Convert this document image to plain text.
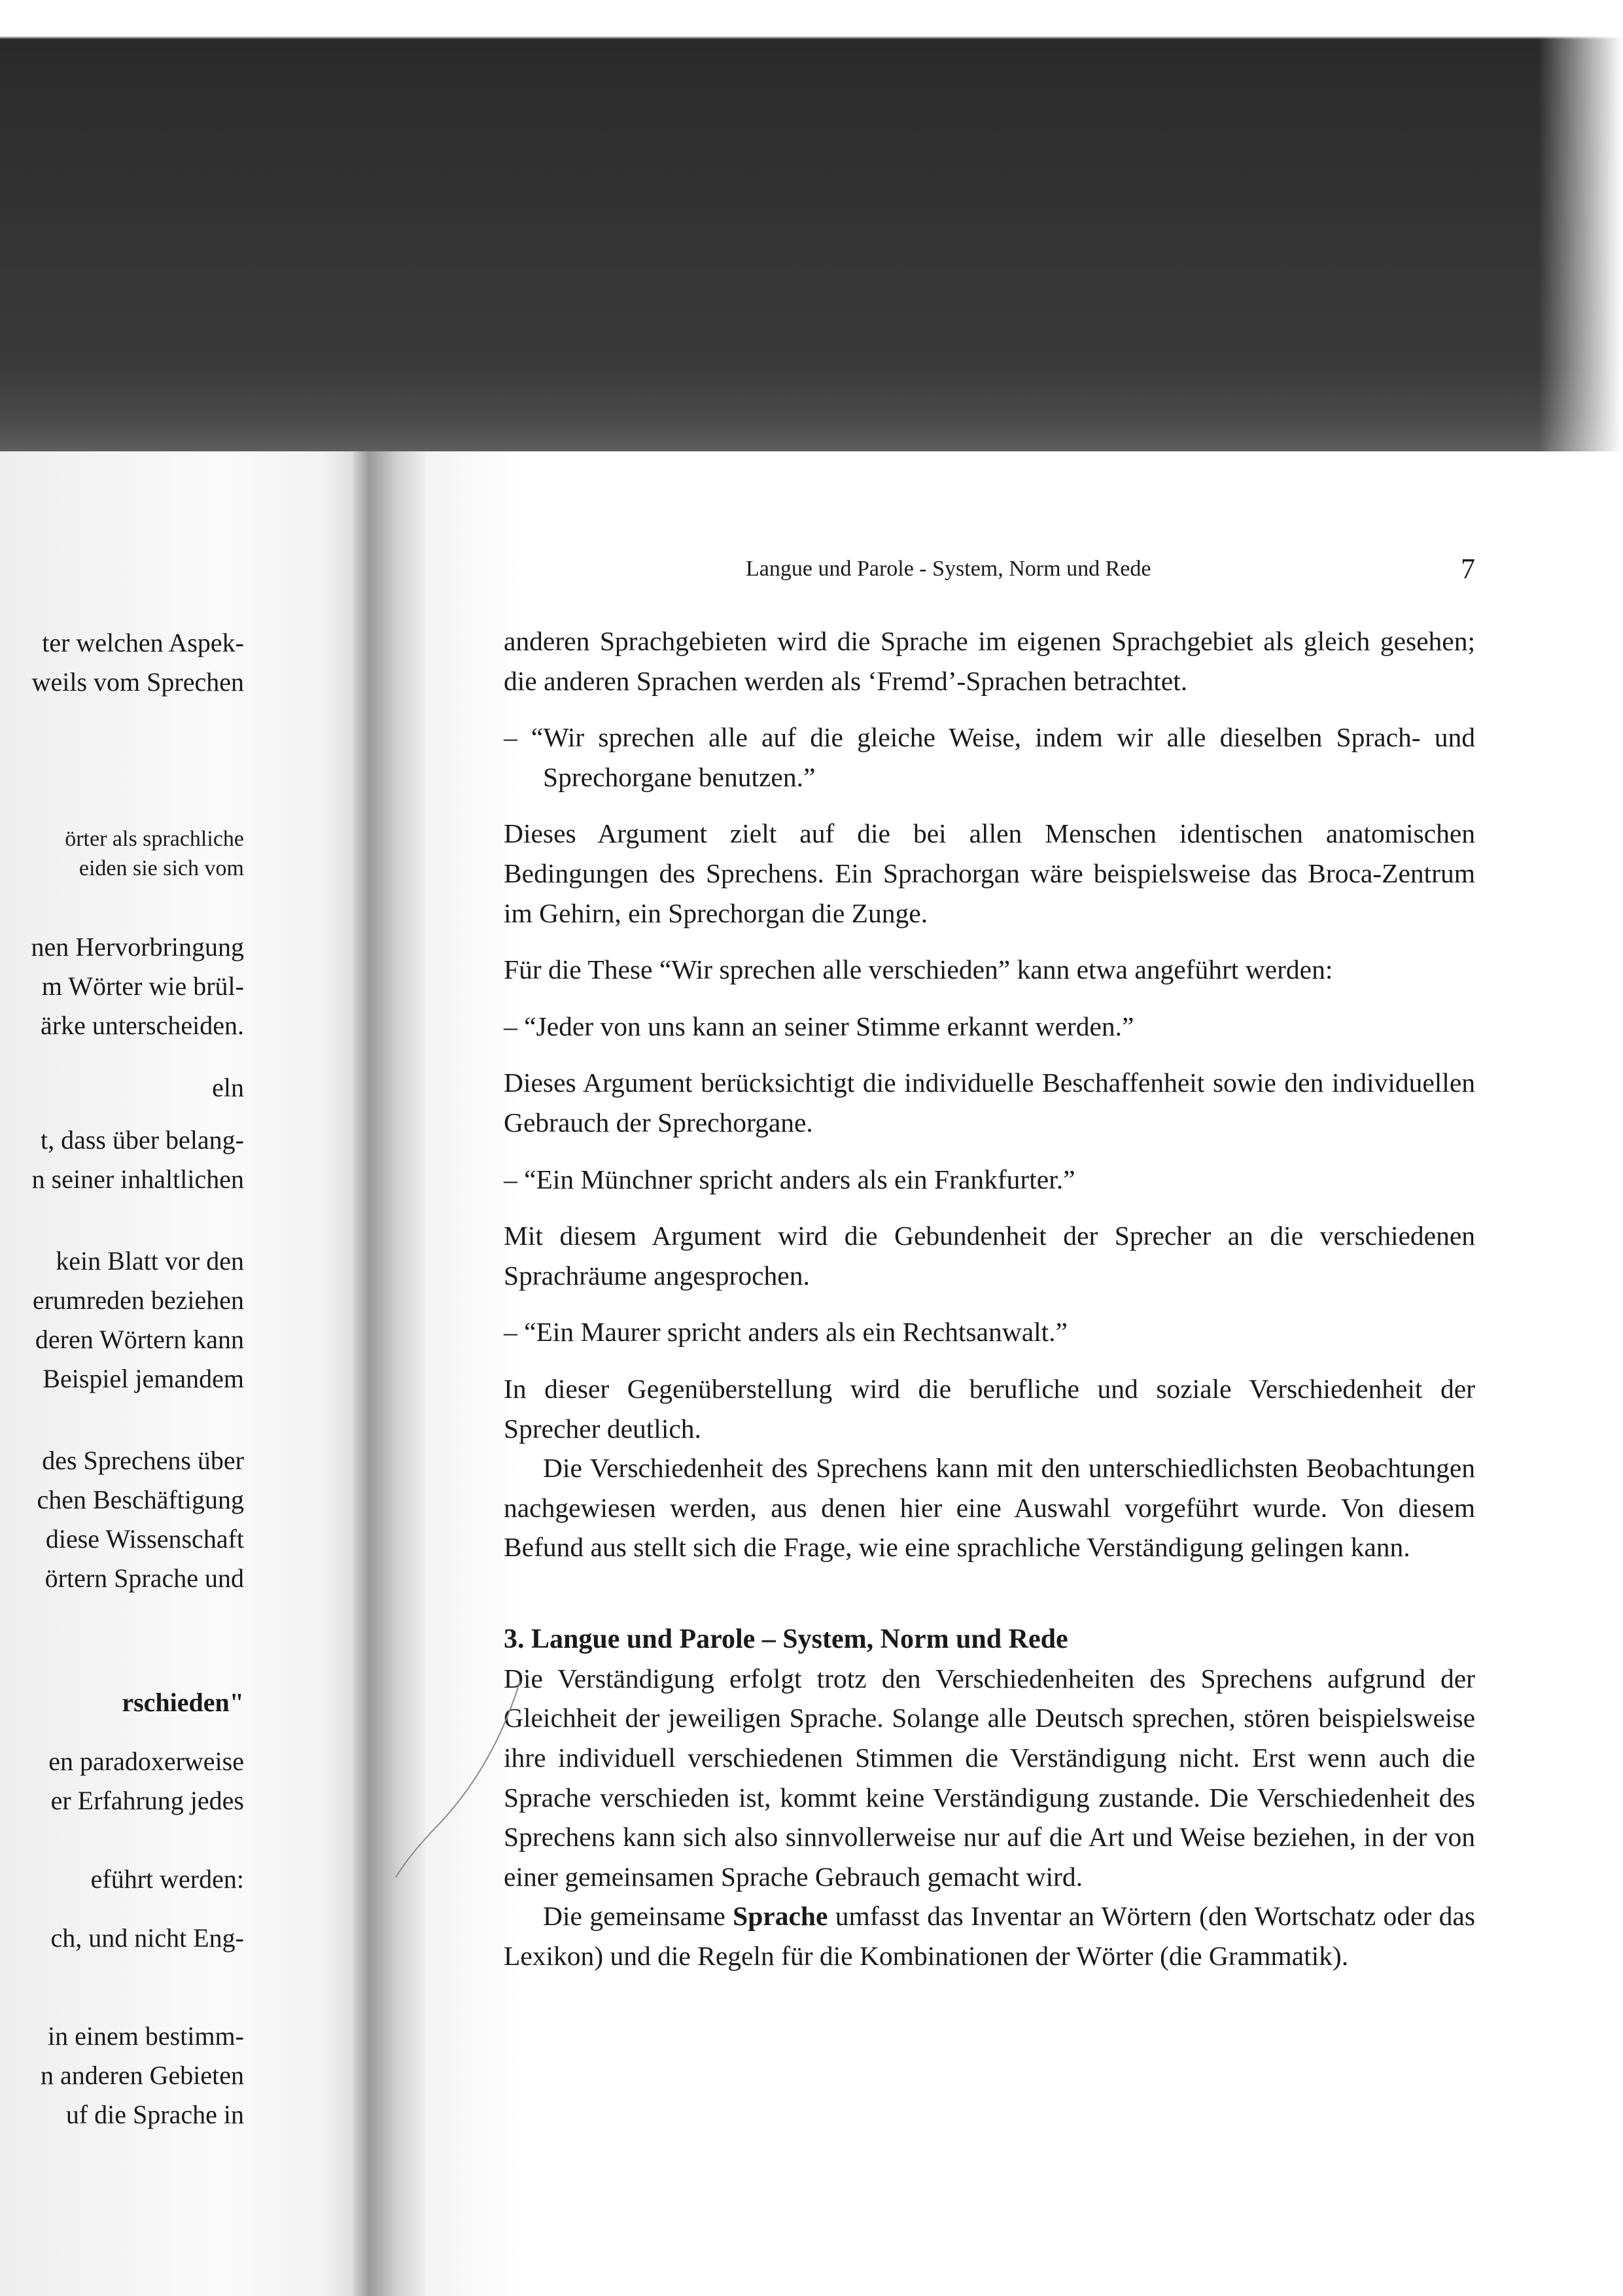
ter welchen Aspek-
weils vom Sprechen
örter als sprachliche
eiden sie sich vom
nen Hervorbringung
m Wörter wie brül-
ärke unterscheiden.
eln
t, dass über belang-
n seiner inhaltlichen
kein Blatt vor den
erumreden beziehen
deren Wörtern kann
Beispiel jemandem
des Sprechens über
chen Beschäftigung
diese Wissenschaft
örtern Sprache und
rschieden"
en paradoxerweise
er Erfahrung jedes
eführt werden:
ch, und nicht Eng-
in einem bestimm-
n anderen Gebieten
uf die Sprache in
Langue und Parole - System, Norm und Rede	7

anderen Sprachgebieten wird die Sprache im eigenen Sprachgebiet als gleich gesehen; die anderen Sprachen werden als ‘Fremd’-Sprachen betrachtet.

– “Wir sprechen alle auf die gleiche Weise, indem wir alle dieselben Sprach- und Sprechorgane benutzen.”

Dieses Argument zielt auf die bei allen Menschen identischen anatomischen Bedingungen des Sprechens. Ein Sprachorgan wäre beispielsweise das Broca-Zentrum im Gehirn, ein Sprechorgan die Zunge.

Für die These “Wir sprechen alle verschieden” kann etwa angeführt werden:

– “Jeder von uns kann an seiner Stimme erkannt werden.”

Dieses Argument berücksichtigt die individuelle Beschaffenheit sowie den individuellen Gebrauch der Sprechorgane.

– “Ein Münchner spricht anders als ein Frankfurter.”

Mit diesem Argument wird die Gebundenheit der Sprecher an die verschiedenen Sprachräume angesprochen.

– “Ein Maurer spricht anders als ein Rechtsanwalt.”

In dieser Gegenüberstellung wird die berufliche und soziale Verschiedenheit der Sprecher deutlich.

Die Verschiedenheit des Sprechens kann mit den unterschiedlichsten Beobachtungen nachgewiesen werden, aus denen hier eine Auswahl vorgeführt wurde. Von diesem Befund aus stellt sich die Frage, wie eine sprachliche Verständigung gelingen kann.

3. Langue und Parole – System, Norm und Rede

Die Verständigung erfolgt trotz den Verschiedenheiten des Sprechens aufgrund der Gleichheit der jeweiligen Sprache. Solange alle Deutsch sprechen, stören beispielsweise ihre individuell verschiedenen Stimmen die Verständigung nicht. Erst wenn auch die Sprache verschieden ist, kommt keine Verständigung zustande. Die Verschiedenheit des Sprechens kann sich also sinnvollerweise nur auf die Art und Weise beziehen, in der von einer gemeinsamen Sprache Gebrauch gemacht wird.

Die gemeinsame Sprache umfasst das Inventar an Wörtern (den Wortschatz oder das Lexikon) und die Regeln für die Kombinationen der Wörter (die Grammatik).
